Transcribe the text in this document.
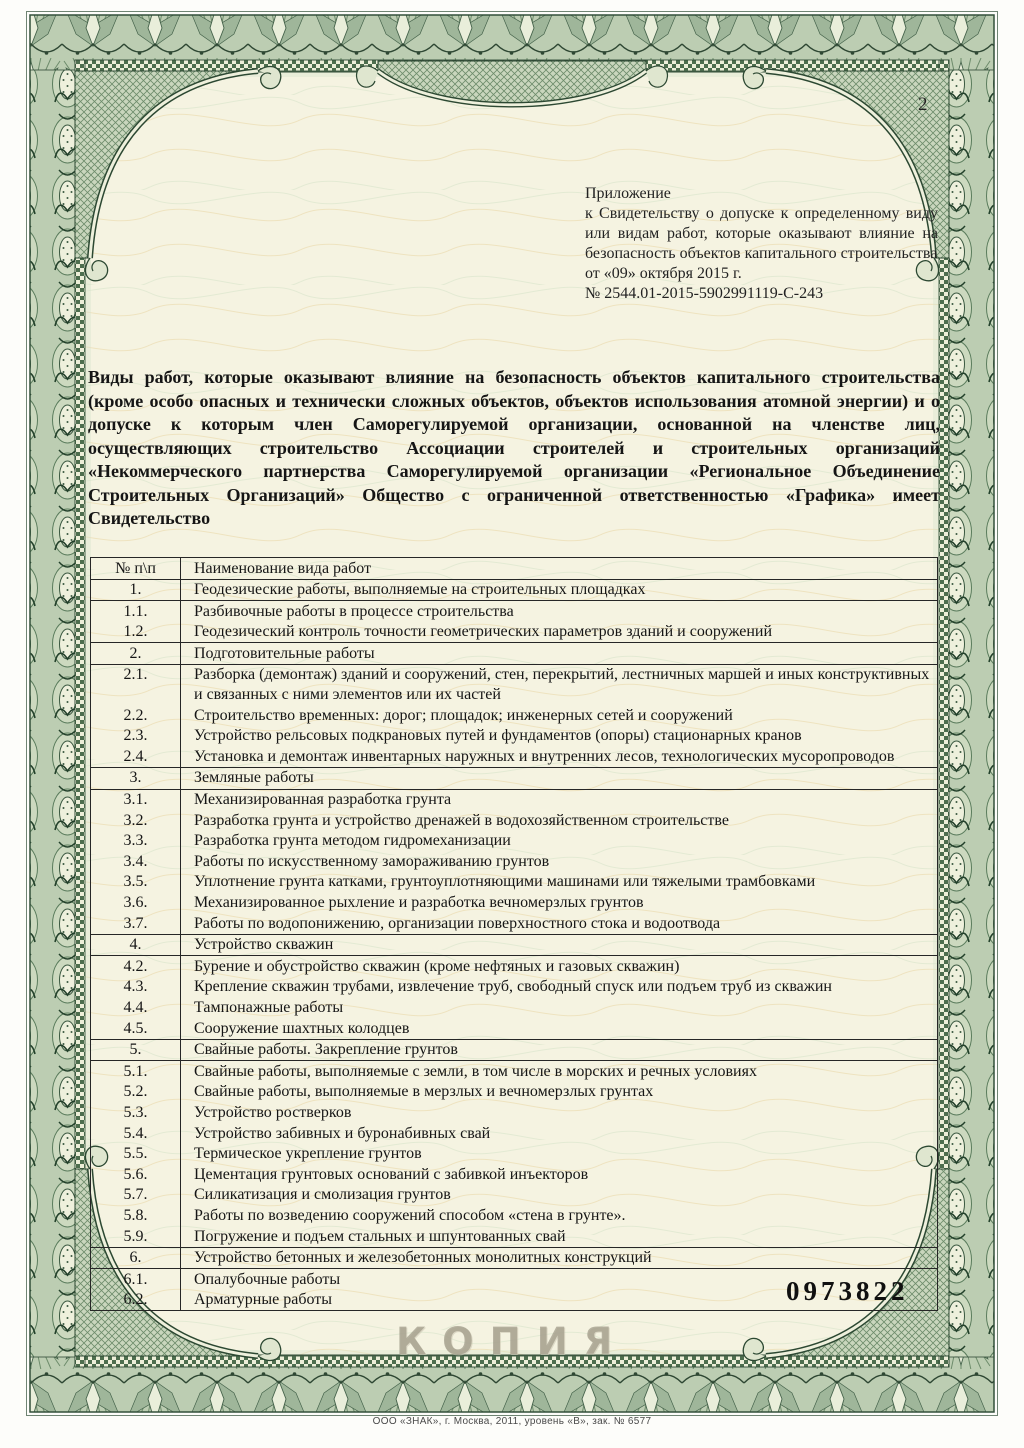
2
Приложение
к Свидетельству о допуске к определенному виду или видам работ, которые оказывают влияние на безопасность объектов капитального строительства
от «09» октября 2015 г.
№ 2544.01-2015-5902991119-С-243
Виды работ, которые оказывают влияние на безопасность объектов капитального строительства (кроме особо опасных и технически сложных объектов, объектов использования атомной энергии) и о допуске к которым член Саморегулируемой организации, основанной на членстве лиц, осуществляющих строительство Ассоциации строителей и строительных организаций «Некоммерческого партнерства Саморегулируемой организации «Региональное Объединение Строительных Организаций» Общество с ограниченной ответственностью «Графика» имеет Свидетельство
№ п\п	Наименование вида работ
1.	Геодезические работы, выполняемые на строительных площадках
1.1.	Разбивочные работы в процессе строительства
1.2.	Геодезический контроль точности геометрических параметров зданий и сооружений
2.	Подготовительные работы
2.1.	Разборка (демонтаж) зданий и сооружений, стен, перекрытий, лестничных маршей и иных конструктивных и связанных с ними элементов или их частей
2.2.	Строительство временных: дорог; площадок; инженерных сетей и сооружений
2.3.	Устройство рельсовых подкрановых путей и фундаментов (опоры) стационарных кранов
2.4.	Установка и демонтаж инвентарных наружных и внутренних лесов, технологических мусоропроводов
3.	Земляные работы
3.1.	Механизированная разработка грунта
3.2.	Разработка грунта и устройство дренажей в водохозяйственном строительстве
3.3.	Разработка грунта методом гидромеханизации
3.4.	Работы по искусственному замораживанию грунтов
3.5.	Уплотнение грунта катками, грунтоуплотняющими машинами или тяжелыми трамбовками
3.6.	Механизированное рыхление и разработка вечномерзлых грунтов
3.7.	Работы по водопонижению, организации поверхностного стока и водоотвода
4.	Устройство скважин
4.2.	Бурение и обустройство скважин (кроме нефтяных и газовых скважин)
4.3.	Крепление скважин трубами, извлечение труб, свободный спуск или подъем труб из скважин
4.4.	Тампонажные работы
4.5.	Сооружение шахтных колодцев
5.	Свайные работы. Закрепление грунтов
5.1.	Свайные работы, выполняемые с земли, в том числе в морских и речных условиях
5.2.	Свайные работы, выполняемые в мерзлых и вечномерзлых грунтах
5.3.	Устройство ростверков
5.4.	Устройство забивных и буронабивных свай
5.5.	Термическое укрепление грунтов
5.6.	Цементация грунтовых оснований с забивкой инъекторов
5.7.	Силикатизация и смолизация грунтов
5.8.	Работы по возведению сооружений способом «стена в грунте».
5.9.	Погружение и подъем стальных и шпунтованных свай
6.	Устройство бетонных и железобетонных монолитных конструкций
6.1.	Опалубочные работы
6.2.	Арматурные работы	0973822
КОПИЯ
ООО «ЗНАК», г. Москва, 2011, уровень «В», зак. № 6577
